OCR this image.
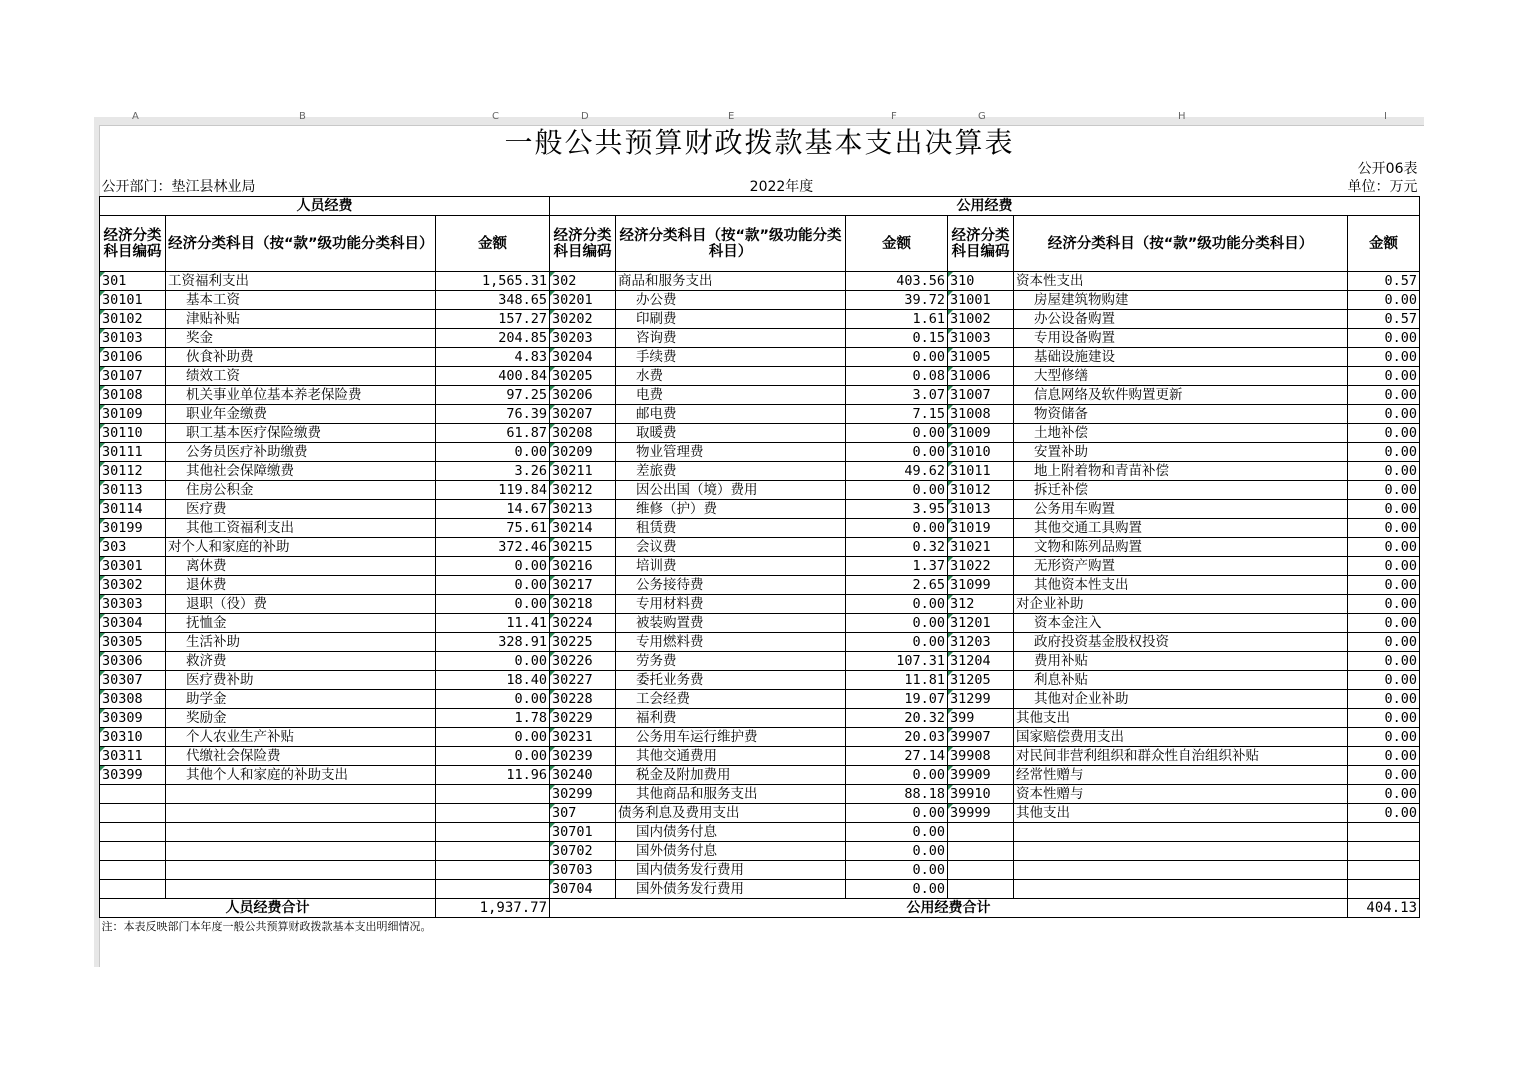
A	B	C	D	E	F	G	H	I
一般公共预算财政拨款基本支出决算表								
公开06表								
公开部门：垫江县林业局				2022年度		单位：万元		
人员经费			公用经费					
经济分类科目编码	经济分类科目（按“款”级功能分类科目）	金额	经济分类科目编码	经济分类科目（按“款”级功能分类科目）	金额	经济分类科目编码	经济分类科目（按“款”级功能分类科目）	金额
301	工资福利支出	1,565.31	302	商品和服务支出	403.56	310	资本性支出	0.57
30101	基本工资	348.65	30201	办公费	39.72	31001	房屋建筑物购建	0.00
30102	津贴补贴	157.27	30202	印刷费	1.61	31002	办公设备购置	0.57
30103	奖金	204.85	30203	咨询费	0.15	31003	专用设备购置	0.00
30106	伙食补助费	4.83	30204	手续费	0.00	31005	基础设施建设	0.00
30107	绩效工资	400.84	30205	水费	0.08	31006	大型修缮	0.00
30108	机关事业单位基本养老保险费	97.25	30206	电费	3.07	31007	信息网络及软件购置更新	0.00
30109	职业年金缴费	76.39	30207	邮电费	7.15	31008	物资储备	0.00
30110	职工基本医疗保险缴费	61.87	30208	取暖费	0.00	31009	土地补偿	0.00
30111	公务员医疗补助缴费	0.00	30209	物业管理费	0.00	31010	安置补助	0.00
30112	其他社会保障缴费	3.26	30211	差旅费	49.62	31011	地上附着物和青苗补偿	0.00
30113	住房公积金	119.84	30212	因公出国（境）费用	0.00	31012	拆迁补偿	0.00
30114	医疗费	14.67	30213	维修（护）费	3.95	31013	公务用车购置	0.00
30199	其他工资福利支出	75.61	30214	租赁费	0.00	31019	其他交通工具购置	0.00
303	对个人和家庭的补助	372.46	30215	会议费	0.32	31021	文物和陈列品购置	0.00
30301	离休费	0.00	30216	培训费	1.37	31022	无形资产购置	0.00
30302	退休费	0.00	30217	公务接待费	2.65	31099	其他资本性支出	0.00
30303	退职（役）费	0.00	30218	专用材料费	0.00	312	对企业补助	0.00
30304	抚恤金	11.41	30224	被装购置费	0.00	31201	资本金注入	0.00
30305	生活补助	328.91	30225	专用燃料费	0.00	31203	政府投资基金股权投资	0.00
30306	救济费	0.00	30226	劳务费	107.31	31204	费用补贴	0.00
30307	医疗费补助	18.40	30227	委托业务费	11.81	31205	利息补贴	0.00
30308	助学金	0.00	30228	工会经费	19.07	31299	其他对企业补助	0.00
30309	奖励金	1.78	30229	福利费	20.32	399	其他支出	0.00
30310	个人农业生产补贴	0.00	30231	公务用车运行维护费	20.03	39907	国家赔偿费用支出	0.00
30311	代缴社会保险费	0.00	30239	其他交通费用	27.14	39908	对民间非营利组织和群众性自治组织补贴	0.00
30399	其他个人和家庭的补助支出	11.96	30240	税金及附加费用	0.00	39909	经常性赠与	0.00
			30299	其他商品和服务支出	88.18	39910	资本性赠与	0.00
			307	债务利息及费用支出	0.00	39999	其他支出	0.00
			30701	国内债务付息	0.00			
			30702	国外债务付息	0.00			
			30703	国内债务发行费用	0.00			
			30704	国外债务发行费用	0.00			
人员经费合计		1,937.77	公用经费合计					404.13
注：本表反映部门本年度一般公共预算财政拨款基本支出明细情况。								
